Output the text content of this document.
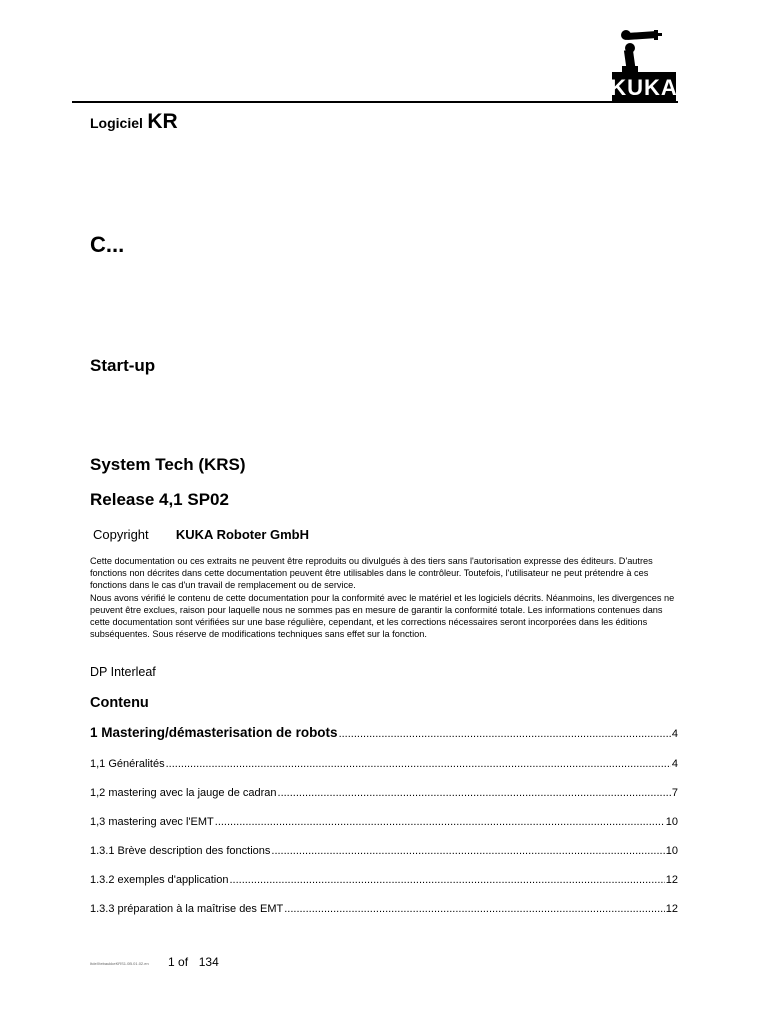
KUKA
Logiciel KR
C...
Start-up
System Tech (KRS)
Release 4,1 SP02
Copyright KUKA Roboter GmbH

Cette documentation ou ces extraits ne peuvent être reproduits ou divulgués à des tiers sans l'autorisation expresse des éditeurs. D'autres fonctions non décrites dans cette documentation peuvent être utilisables dans le contrôleur. Toutefois, l'utilisateur ne peut prétendre à ces fonctions dans le cas d'un travail de remplacement ou de service.

Nous avons vérifié le contenu de cette documentation pour la conformité avec le matériel et les logiciels décrits. Néanmoins, les divergences ne peuvent être exclues, raison pour laquelle nous ne sommes pas en mesure de garantir la conformité totale. Les informations contenues dans cette documentation sont vérifiées sur une base régulière, cependant, et les corrections nécessaires seront incorporées dans les éditions subséquentes. Sous réserve de modifications techniques sans effet sur la fonction.

DP Interleaf
Contenu
1 Mastering/démasterisation de robots .....	4
1,1 Généralités .....	4
1,2 mastering avec la jauge de cadran .....	7
1,3 mastering avec l'EMT .....	10
1.3.1 Brève description des fonctions .....	10
1.3.2 exemples d'application .....	12
1.3.3 préparation à la maîtrise des EMT .....	12
ItdeXtebaukkeKRS1.0B.01.02.en 1 of 134
